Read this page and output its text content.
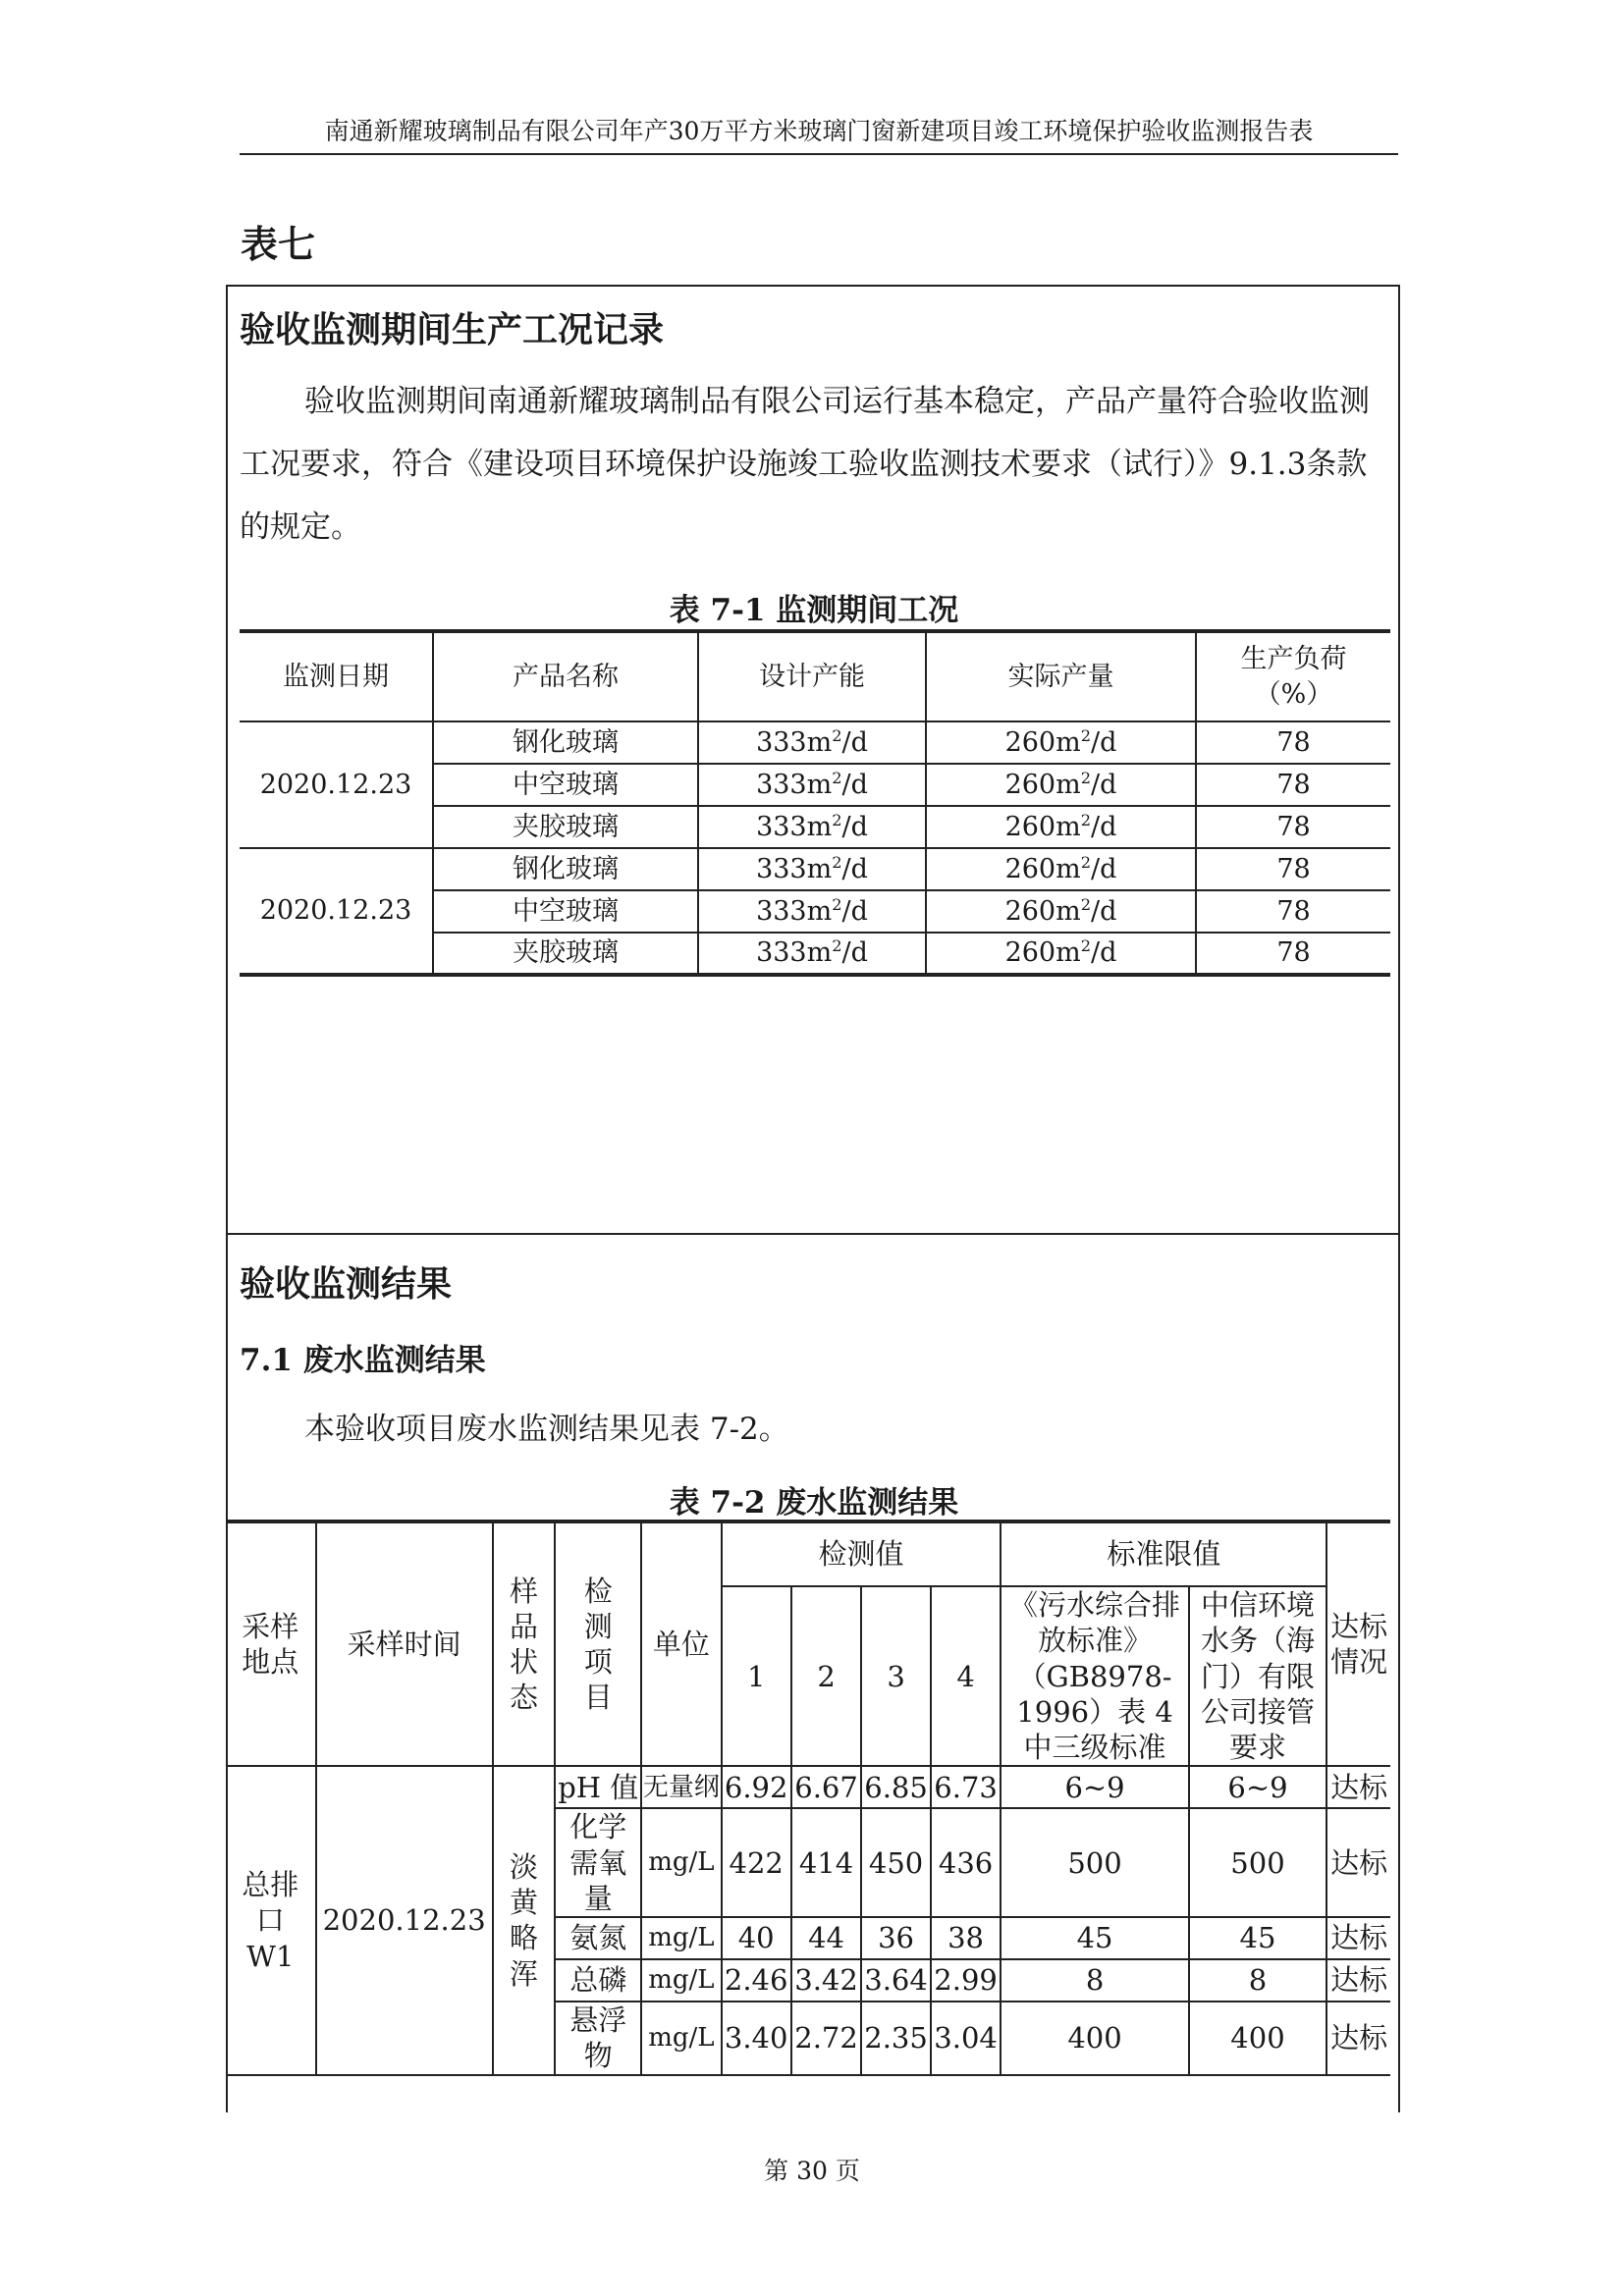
南通新耀玻璃制品有限公司年产30万平方米玻璃门窗新建项目竣工环境保护验收监测报告表
表七
验收监测期间生产工况记录
验收监测期间南通新耀玻璃制品有限公司运行基本稳定，产品产量符合验收监测工况要求，符合《建设项目环境保护设施竣工验收监测技术要求（试行）》9.1.3条款的规定。
表 7-1 监测期间工况
监测日期	产品名称	设计产能	实际产量	生产负荷（%）
2020.12.23	钢化玻璃	$333m^2/d$	$260m^2/d$	78
	中空玻璃	$333m^2/d$	$260m^2/d$	78
	夹胶玻璃	$333m^2/d$	$260m^2/d$	78
2020.12.23	钢化玻璃	$333m^2/d$	$260m^2/d$	78
	中空玻璃	$333m^2/d$	$260m^2/d$	78
	夹胶玻璃	$333m^2/d$	$260m^2/d$	78
验收监测结果
7.1 废水监测结果
本验收项目废水监测结果见表 7-2。
表 7-2 废水监测结果
采样地点	采样时间	样品状态	检测项目	单位	检测值				标准限值		达标情况
					1	2	3	4	《污水综合排放标准》（GB8978-1996）表 4 中三级标准	中信环境水务（海门）有限公司接管要求	
总排口W1	2020.12.23	淡黄略浑	pH 值	无量纲	6.92	6.67	6.85	6.73	6~9	6~9	达标
			化学需氧量	mg/L	422	414	450	436	500	500	达标
			氨氮	mg/L	40	44	36	38	45	45	达标
			总磷	mg/L	2.46	3.42	3.64	2.99	8	8	达标
			悬浮物	mg/L	3.40	2.72	2.35	3.04	400	400	达标
第 30 页
